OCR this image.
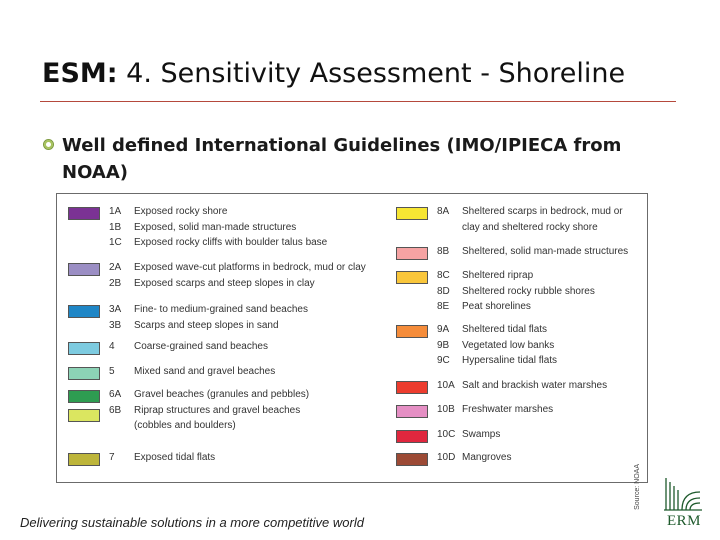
ESM: 4. Sensitivity Assessment - Shoreline
Well defined International Guidelines (IMO/IPIECA from NOAA)
1A
1B
1C
Exposed rocky shore
Exposed, solid man-made structures
Exposed rocky cliffs with boulder talus base
2A
2B
Exposed wave-cut platforms in bedrock, mud or clay
Exposed scarps and steep slopes in clay
3A
3B
Fine- to medium-grained sand beaches
Scarps and steep slopes in sand
4 Coarse-grained sand beaches
5 Mixed sand and gravel beaches
6A
6B
Gravel beaches (granules and pebbles)
Riprap structures and gravel beaches
(cobbles and boulders)
7 Exposed tidal flats
8A Sheltered scarps in bedrock, mud or
clay and sheltered rocky shore
8B Sheltered, solid man-made structures
8C
8D
8E
Sheltered riprap
Sheltered rocky rubble shores
Peat shorelines
9A
9B
9C
Sheltered tidal flats
Vegetated low banks
Hypersaline tidal flats
10A Salt and brackish water marshes
10B Freshwater marshes
10C Swamps
10D Mangroves
Source: NOAA
Delivering sustainable solutions in a more competitive world	ERM
